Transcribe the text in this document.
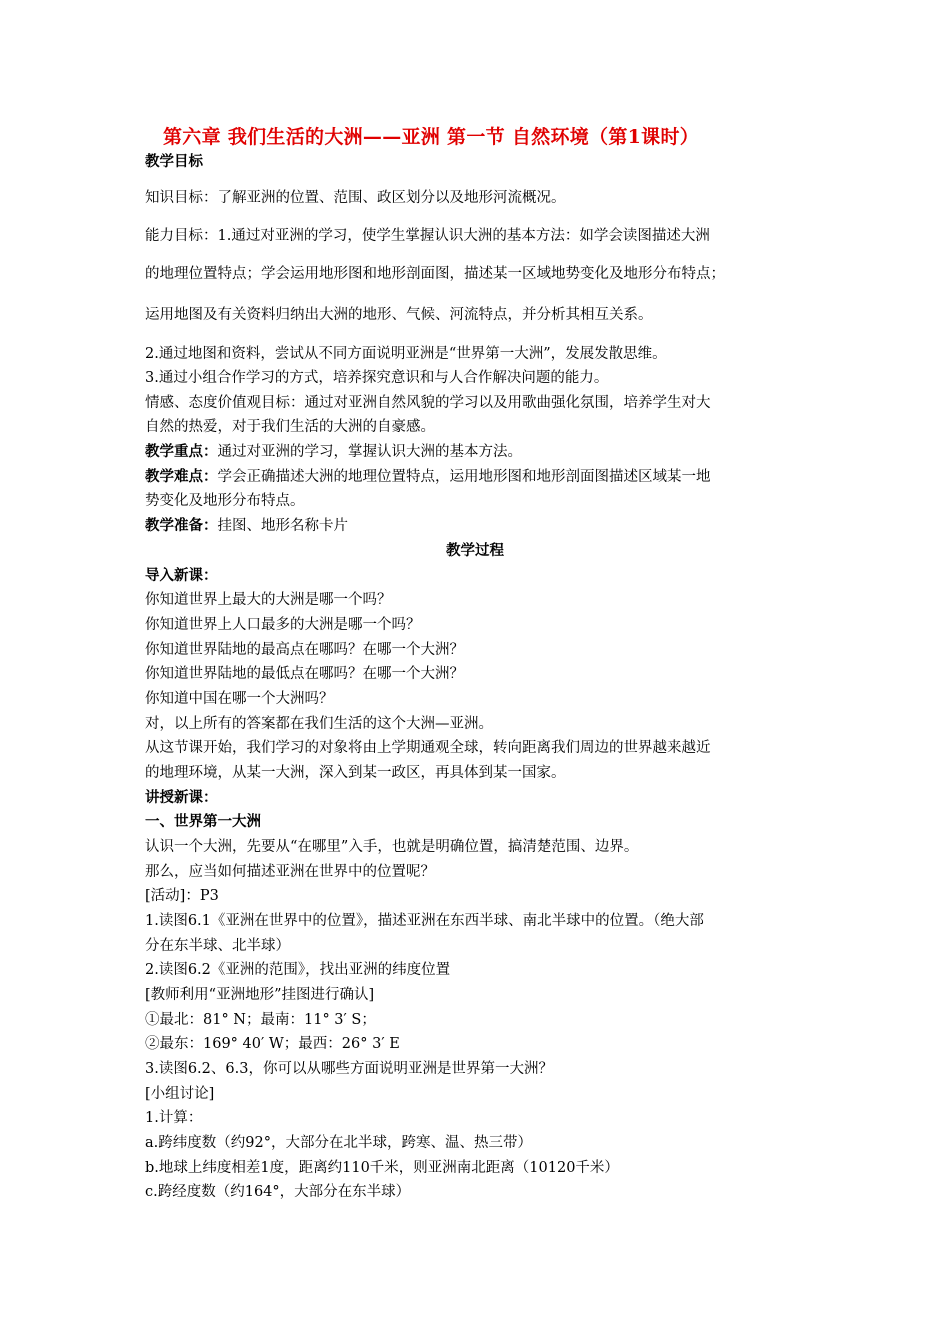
第六章 我们生活的大洲——亚洲 第一节 自然环境（第1课时）
教学目标
知识目标：了解亚洲的位置、范围、政区划分以及地形河流概况。
能力目标：1.通过对亚洲的学习，使学生掌握认识大洲的基本方法：如学会读图描述大洲
的地理位置特点；学会运用地形图和地形剖面图，描述某一区域地势变化及地形分布特点；
运用地图及有关资料归纳出大洲的地形、气候、河流特点，并分析其相互关系。
2.通过地图和资料，尝试从不同方面说明亚洲是“世界第一大洲”，发展发散思维。
3.通过小组合作学习的方式，培养探究意识和与人合作解决问题的能力。
情感、态度价值观目标：通过对亚洲自然风貌的学习以及用歌曲强化氛围，培养学生对大
自然的热爱，对于我们生活的大洲的自豪感。
教学重点：通过对亚洲的学习，掌握认识大洲的基本方法。
教学难点：学会正确描述大洲的地理位置特点，运用地形图和地形剖面图描述区域某一地
势变化及地形分布特点。
教学准备：挂图、地形名称卡片
教学过程
导入新课：
你知道世界上最大的大洲是哪一个吗？
你知道世界上人口最多的大洲是哪一个吗？
你知道世界陆地的最高点在哪吗？在哪一个大洲？
你知道世界陆地的最低点在哪吗？在哪一个大洲？
你知道中国在哪一个大洲吗？
对，以上所有的答案都在我们生活的这个大洲—亚洲。
从这节课开始，我们学习的对象将由上学期通观全球，转向距离我们周边的世界越来越近
的地理环境，从某一大洲，深入到某一政区，再具体到某一国家。
讲授新课：
一、世界第一大洲
认识一个大洲，先要从“在哪里”入手，也就是明确位置，搞清楚范围、边界。
那么，应当如何描述亚洲在世界中的位置呢？
[活动]：P3
1.读图6.1《亚洲在世界中的位置》，描述亚洲在东西半球、南北半球中的位置。（绝大部
分在东半球、北半球）
2.读图6.2《亚洲的范围》，找出亚洲的纬度位置
[教师利用“亚洲地形”挂图进行确认]
①最北：81° N；最南：11° 3′ S；
②最东：169° 40′ W；最西：26° 3′ E
3.读图6.2、6.3，你可以从哪些方面说明亚洲是世界第一大洲？
[小组讨论]
1.计算：
a.跨纬度数（约92°，大部分在北半球，跨寒、温、热三带）
b.地球上纬度相差1度，距离约110千米，则亚洲南北距离（10120千米）
c.跨经度数（约164°，大部分在东半球）
